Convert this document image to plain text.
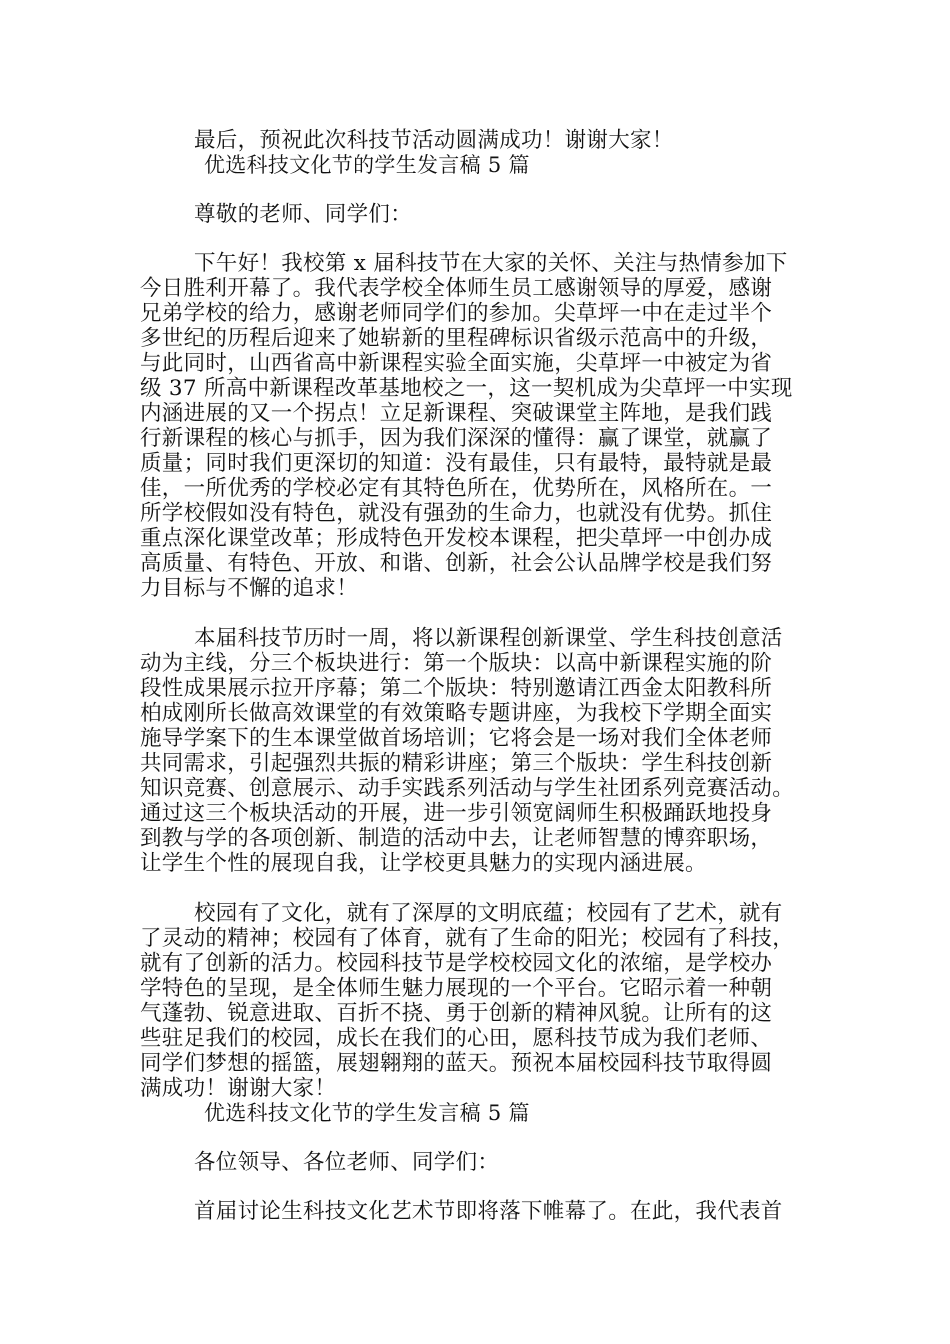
最后，预祝此次科技节活动圆满成功！谢谢大家！
优选科技文化节的学生发言稿 5 篇
尊敬的老师、同学们：
下午好！我校第 x 届科技节在大家的关怀、关注与热情参加下
今日胜利开幕了。我代表学校全体师生员工感谢领导的厚爱，感谢
兄弟学校的给力，感谢老师同学们的参加。尖草坪一中在走过半个
多世纪的历程后迎来了她崭新的里程碑标识省级示范高中的升级，
与此同时，山西省高中新课程实验全面实施，尖草坪一中被定为省
级 37 所高中新课程改革基地校之一，这一契机成为尖草坪一中实现
内涵进展的又一个拐点！立足新课程、突破课堂主阵地，是我们践
行新课程的核心与抓手，因为我们深深的懂得：赢了课堂，就赢了
质量；同时我们更深切的知道：没有最佳，只有最特，最特就是最
佳，一所优秀的学校必定有其特色所在，优势所在，风格所在。一
所学校假如没有特色，就没有强劲的生命力，也就没有优势。抓住
重点深化课堂改革；形成特色开发校本课程，把尖草坪一中创办成
高质量、有特色、开放、和谐、创新，社会公认品牌学校是我们努
力目标与不懈的追求！
本届科技节历时一周，将以新课程创新课堂、学生科技创意活
动为主线，分三个板块进行：第一个版块：以高中新课程实施的阶
段性成果展示拉开序幕；第二个版块：特别邀请江西金太阳教科所
柏成刚所长做高效课堂的有效策略专题讲座，为我校下学期全面实
施导学案下的生本课堂做首场培训；它将会是一场对我们全体老师
共同需求，引起强烈共振的精彩讲座；第三个版块：学生科技创新
知识竞赛、创意展示、动手实践系列活动与学生社团系列竞赛活动。
通过这三个板块活动的开展，进一步引领宽阔师生积极踊跃地投身
到教与学的各项创新、制造的活动中去，让老师智慧的博弈职场，
让学生个性的展现自我，让学校更具魅力的实现内涵进展。
校园有了文化，就有了深厚的文明底蕴；校园有了艺术，就有
了灵动的精神；校园有了体育，就有了生命的阳光；校园有了科技，
就有了创新的活力。校园科技节是学校校园文化的浓缩，是学校办
学特色的呈现，是全体师生魅力展现的一个平台。它昭示着一种朝
气蓬勃、锐意进取、百折不挠、勇于创新的精神风貌。让所有的这
些驻足我们的校园，成长在我们的心田，愿科技节成为我们老师、
同学们梦想的摇篮，展翅翱翔的蓝天。预祝本届校园科技节取得圆
满成功！谢谢大家！
优选科技文化节的学生发言稿 5 篇
各位领导、各位老师、同学们：
首届讨论生科技文化艺术节即将落下帷幕了。在此，我代表首
